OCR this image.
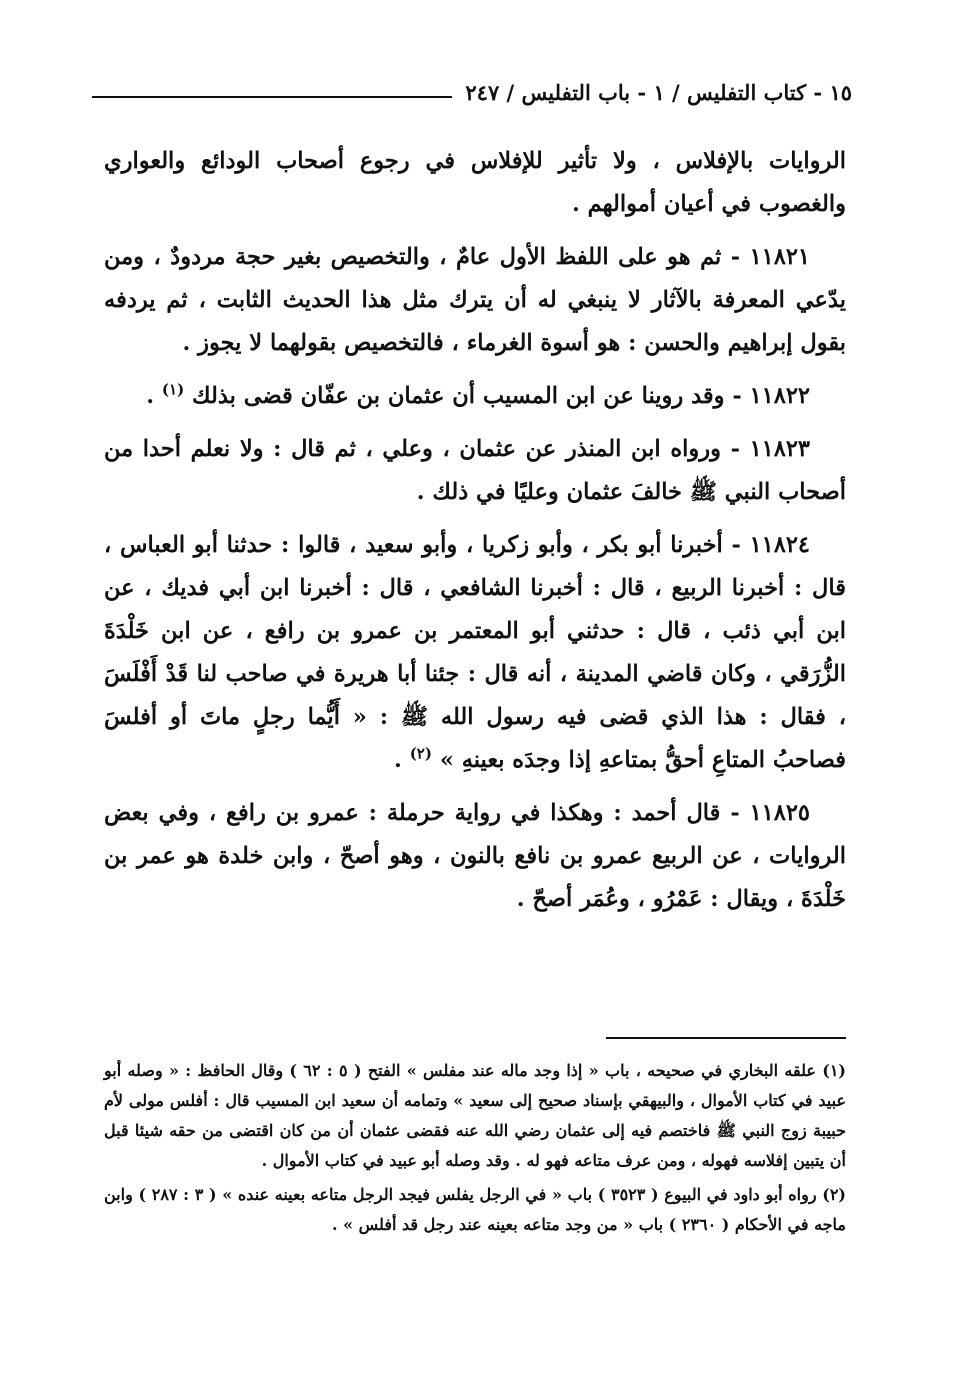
١٥ - كتاب التفليس / ١ - باب التفليس / ٢٤٧

الروايات بالإفلاس ، ولا تأثير للإفلاس في رجوع أصحاب الودائع والعواري والغصوب في أعيان أموالهم .

١١٨٢١ - ثم هو على اللفظ الأول عامٌ ، والتخصيص بغير حجة مردودٌ ، ومن يدّعي المعرفة بالآثار لا ينبغي له أن يترك مثل هذا الحديث الثابت ، ثم يردفه بقول إبراهيم والحسن : هو أسوة الغرماء ، فالتخصيص بقولهما لا يجوز .

١١٨٢٢ - وقد روينا عن ابن المسيب أن عثمان بن عفّان قضى بذلك $^{(١)}$ .

١١٨٢٣ - ورواه ابن المنذر عن عثمان ، وعلي ، ثم قال : ولا نعلم أحدا من أصحاب النبي ﷺ خالفَ عثمان وعليًا في ذلك .

١١٨٢٤ - أخبرنا أبو بكر ، وأبو زكريا ، وأبو سعيد ، قالوا : حدثنا أبو العباس ، قال : أخبرنا الربيع ، قال : أخبرنا الشافعي ، قال : أخبرنا ابن أبي فديك ، عن ابن أبي ذئب ، قال : حدثني أبو المعتمر بن عمرو بن رافع ، عن ابن خَلْدَةَ الزُّرَقي ، وكان قاضي المدينة ، أنه قال : جئنا أبا هريرة في صاحب لنا قَدْ أَفْلَسَ ، فقال : هذا الذي قضى فيه رسول الله ﷺ : « أَيُّما رجلٍ ماتَ أو أفلسَ فصاحبُ المتاعِ أحقُّ بمتاعهِ إذا وجدَه بعينهِ » $^{(٢)}$ .

١١٨٢٥ - قال أحمد : وهكذا في رواية حرملة : عمرو بن رافع ، وفي بعض الروايات ، عن الربيع عمرو بن نافع بالنون ، وهو أصحّ ، وابن خلدة هو عمر بن خَلْدَةَ ، ويقال : عَمْرُو ، وعُمَر أصحّ .

(١) علقه البخاري في صحيحه ، باب « إذا وجد ماله عند مفلس » الفتح ( ٥ : ٦٢ ) وقال الحافظ : « وصله أبو عبيد في كتاب الأموال ، والبيهقي بإسناد صحيح إلى سعيد » وتمامه أن سعيد ابن المسيب قال : أفلس مولى لأم حبيبة زوج النبي ﷺ فاختصم فيه إلى عثمان رضي الله عنه فقضى عثمان أن من كان اقتضى من حقه شيئا قبل أن يتبين إفلاسه فهوله ، ومن عرف متاعه فهو له . وقد وصله أبو عبيد في كتاب الأموال .

(٢) رواه أبو داود في البيوع ( ٣٥٢٣ ) باب « في الرجل يفلس فيجد الرجل متاعه بعينه عنده » ( ٣ : ٢٨٧ ) وابن ماجه في الأحكام ( ٢٣٦٠ ) باب « من وجد متاعه بعينه عند رجل قد أفلس » .
